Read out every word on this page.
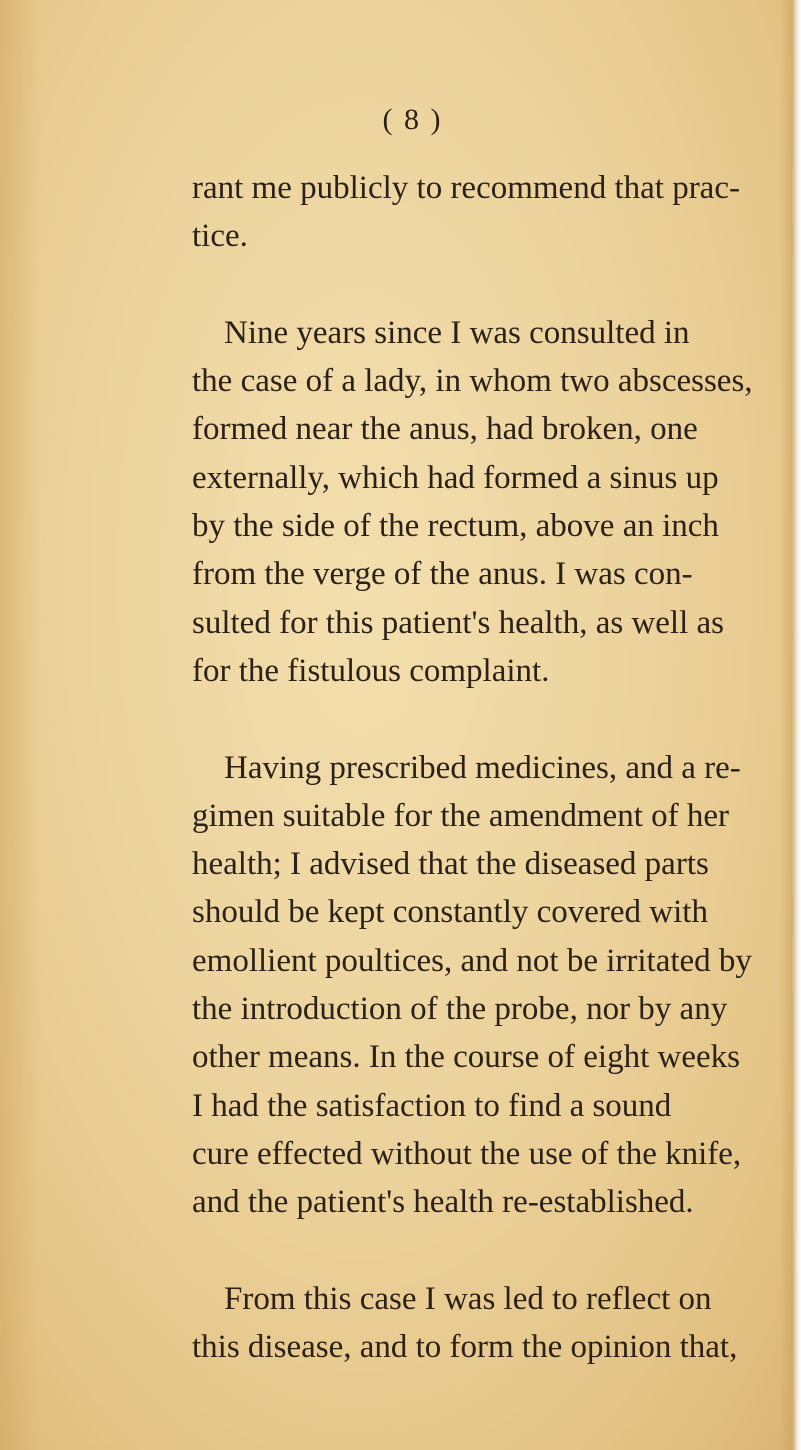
( 8 )
rant me publicly to recommend that prac-
tice.
Nine years since I was consulted in
the case of a lady, in whom two abscesses,
formed near the anus, had broken, one
externally, which had formed a sinus up
by the side of the rectum, above an inch
from the verge of the anus. I was con-
sulted for this patient's health, as well as
for the fistulous complaint.
Having prescribed medicines, and a re-
gimen suitable for the amendment of her
health; I advised that the diseased parts
should be kept constantly covered with
emollient poultices, and not be irritated by
the introduction of the probe, nor by any
other means. In the course of eight weeks
I had the satisfaction to find a sound
cure effected without the use of the knife,
and the patient's health re-established.
From this case I was led to reflect on
this disease, and to form the opinion that,
